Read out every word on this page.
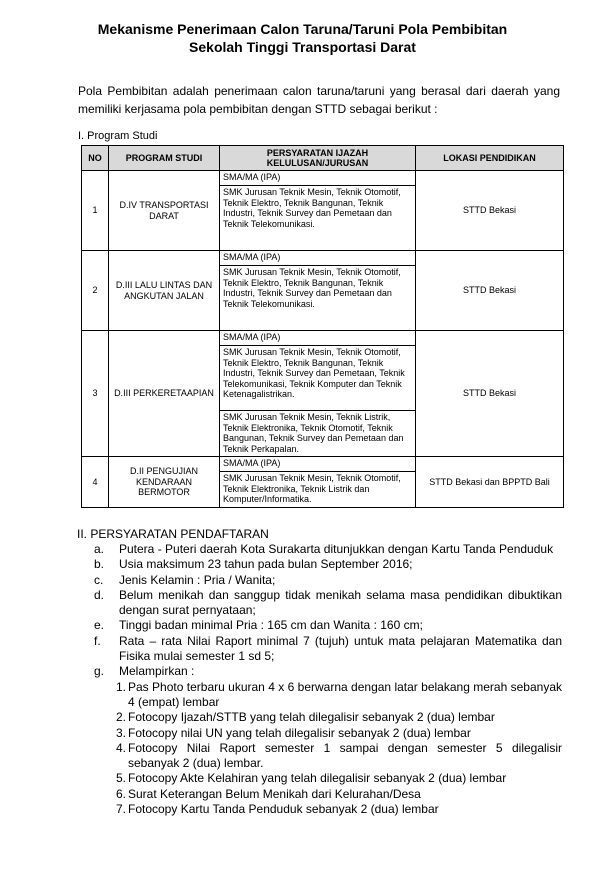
Mekanisme Penerimaan Calon Taruna/Taruni Pola Pembibitan
Sekolah Tinggi Transportasi Darat
Pola Pembibitan adalah penerimaan calon taruna/taruni yang berasal dari daerah yang memiliki kerjasama pola pembibitan dengan STTD sebagai berikut :
I. Program Studi
NO	PROGRAM STUDI	PERSYARATAN IJAZAH KELULUSAN/JURUSAN	LOKASI PENDIDIKAN
1	D.IV TRANSPORTASI DARAT	SMA/MA (IPA)	STTD Bekasi
		SMK Jurusan Teknik Mesin, Teknik Otomotif, Teknik Elektro, Teknik Bangunan, Teknik Industri, Teknik Survey dan Pemetaan dan Teknik Telekomunikasi.	
2	D.III LALU LINTAS DAN ANGKUTAN JALAN	SMA/MA (IPA)	STTD Bekasi
		SMK Jurusan Teknik Mesin, Teknik Otomotif, Teknik Elektro, Teknik Bangunan, Teknik Industri, Teknik Survey dan Pemetaan dan Teknik Telekomunikasi.	
3	D.III PERKERETAAPIAN	SMA/MA (IPA)	STTD Bekasi
		SMK Jurusan Teknik Mesin, Teknik Otomotif, Teknik Elektro, Teknik Bangunan, Teknik Industri, Teknik Survey dan Pemetaan, Teknik Telekomunikasi, Teknik Komputer dan Teknik Ketenagalistrikan.	
		SMK Jurusan Teknik Mesin, Teknik Listrik, Teknik Elektronika, Teknik Otomotif, Teknik Bangunan, Teknik Survey dan Pemetaan dan Teknik Perkapalan.	
4	D.II PENGUJIAN KENDARAAN BERMOTOR	SMA/MA (IPA)	STTD Bekasi dan BPPTD Bali
		SMK Jurusan Teknik Mesin, Teknik Otomotif, Teknik Elektronika, Teknik Listrik dan Komputer/Informatika.	
II. PERSYARATAN PENDAFTARAN
a.	Putera - Puteri daerah Kota Surakarta ditunjukkan dengan Kartu Tanda Penduduk
b.	Usia maksimum 23 tahun pada bulan September 2016;
c.	Jenis Kelamin : Pria / Wanita;
d.	Belum menikah dan sanggup tidak menikah selama masa pendidikan dibuktikan dengan surat pernyataan;
e.	Tinggi badan minimal Pria : 165 cm dan Wanita : 160 cm;
f.	Rata – rata Nilai Raport minimal 7 (tujuh) untuk mata pelajaran Matematika dan Fisika mulai semester 1 sd 5;
g.	Melampirkan :
1. Pas Photo terbaru ukuran 4 x 6 berwarna dengan latar belakang merah sebanyak 4 (empat) lembar
2. Fotocopy Ijazah/STTB yang telah dilegalisir sebanyak 2 (dua) lembar
3. Fotocopy nilai UN yang telah dilegalisir sebanyak 2 (dua) lembar
4. Fotocopy Nilai Raport semester 1 sampai dengan semester 5 dilegalisir sebanyak 2 (dua) lembar.
5. Fotocopy Akte Kelahiran yang telah dilegalisir sebanyak 2 (dua) lembar
6. Surat Keterangan Belum Menikah dari Kelurahan/Desa
7. Fotocopy Kartu Tanda Penduduk sebanyak 2 (dua) lembar
